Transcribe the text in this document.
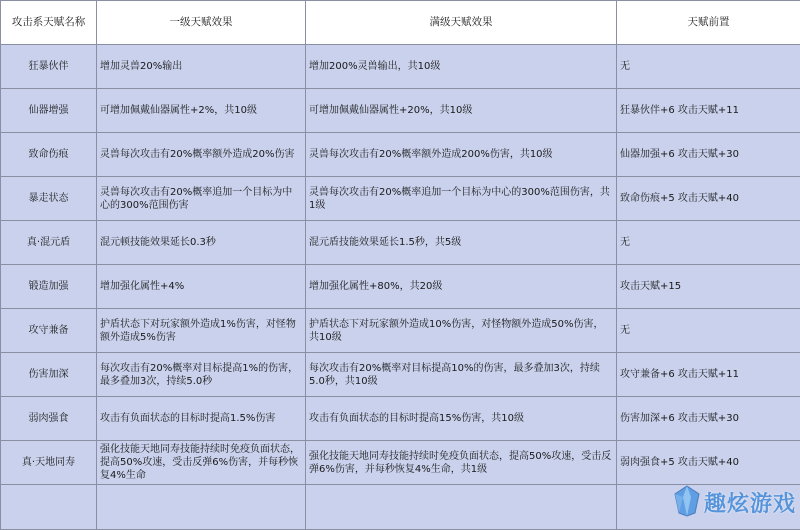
攻击系天赋名称	一级天赋效果	满级天赋效果	天赋前置
狂暴伙伴	增加灵兽20%输出	增加200%灵兽输出，共10级	无
仙器增强	可增加佩戴仙器属性+2%，共10级	可增加佩戴仙器属性+20%，共10级	狂暴伙伴+6 攻击天赋+11
致命伤痕	灵兽每次攻击有20%概率额外造成20%伤害	灵兽每次攻击有20%概率额外造成200%伤害，共10级	仙器加强+6 攻击天赋+30
暴走状态	灵兽每次攻击有20%概率追加一个目标为中心的300%范围伤害	灵兽每次攻击有20%概率追加一个目标为中心的300%范围伤害，共1级	致命伤痕+5 攻击天赋+40
真·混元盾	混元顿技能效果延长0.3秒	混元盾技能效果延长1.5秒，共5级	无
锻造加强	增加强化属性+4%	增加强化属性+80%，共20级	攻击天赋+15
攻守兼备	护盾状态下对玩家额外造成1%伤害，对怪物额外造成5%伤害	护盾状态下对玩家额外造成10%伤害，对怪物额外造成50%伤害，共10级	无
伤害加深	每次攻击有20%概率对目标提高1%的伤害，最多叠加3次，持续5.0秒	每次攻击有20%概率对目标提高10%的伤害，最多叠加3次，持续5.0秒，共10级	攻守兼备+6 攻击天赋+11
弱肉强食	攻击有负面状态的目标时提高1.5%伤害	攻击有负面状态的目标时提高15%伤害，共10级	伤害加深+6 攻击天赋+30
真·天地同寿	强化技能天地同寿技能持续时免疫负面状态，提高50%攻速，受击反弹6%伤害，并每秒恢复4%生命	强化技能天地同寿技能持续时免疫负面状态，提高50%攻速，受击反弹6%伤害，并每秒恢复4%生命，共1级	弱肉强食+5 攻击天赋+40

趣炫游戏
